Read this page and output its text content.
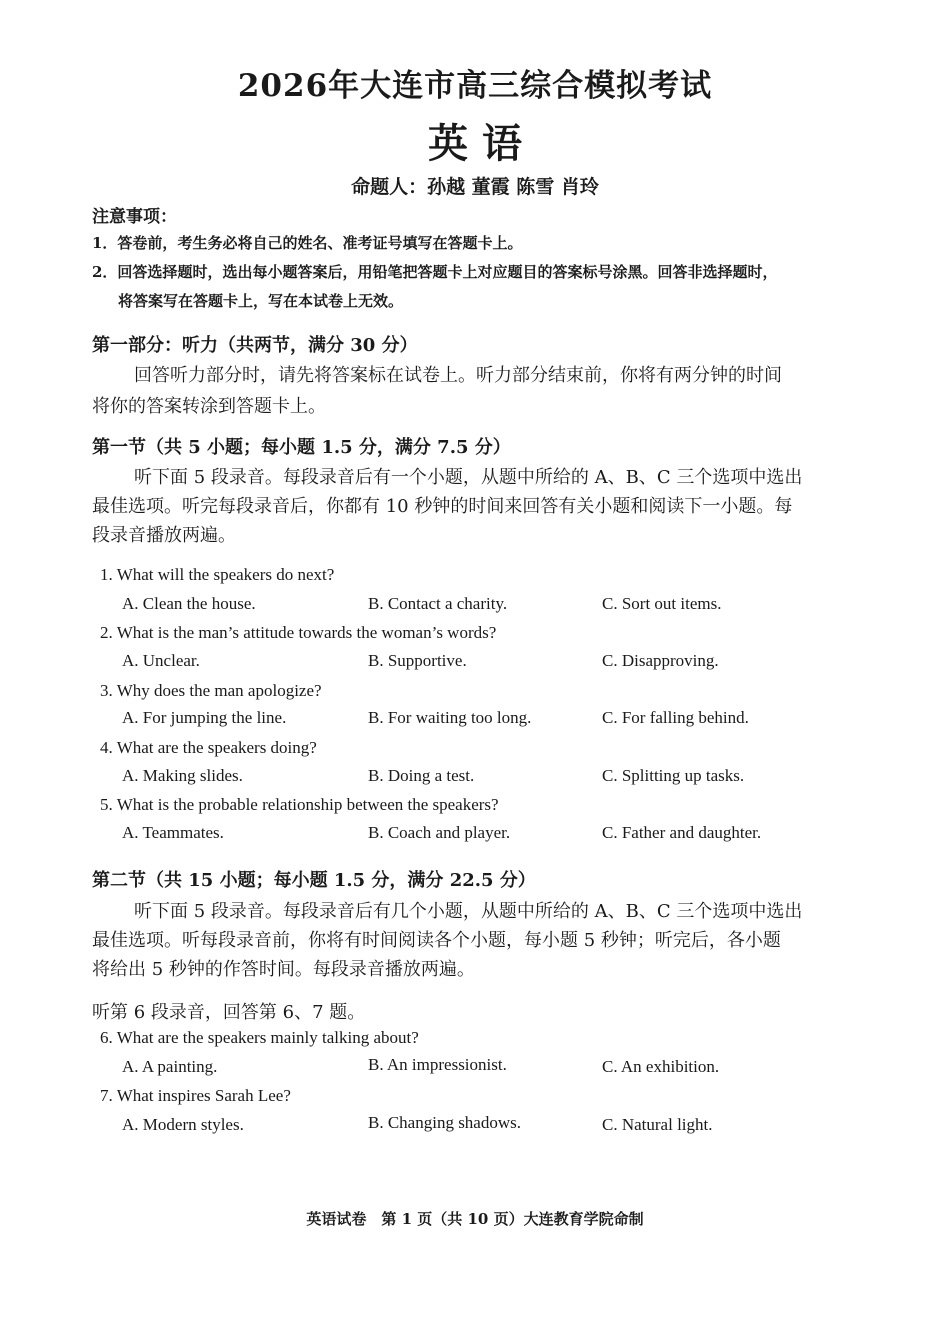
2026年大连市高三综合模拟考试
英 语
命题人：孙越 董霞 陈雪 肖玲
注意事项：
1．答卷前，考生务必将自己的姓名、准考证号填写在答题卡上。
2．回答选择题时，选出每小题答案后，用铅笔把答题卡上对应题目的答案标号涂黑。回答非选择题时，
将答案写在答题卡上，写在本试卷上无效。
第一部分：听力（共两节，满分 30 分）
回答听力部分时，请先将答案标在试卷上。听力部分结束前，你将有两分钟的时间
将你的答案转涂到答题卡上。
第一节（共 5 小题；每小题 1.5 分，满分 7.5 分）
听下面 5 段录音。每段录音后有一个小题，从题中所给的 A、B、C 三个选项中选出
最佳选项。听完每段录音后，你都有 10 秒钟的时间来回答有关小题和阅读下一小题。每
段录音播放两遍。
1. What will the speakers do next?
A. Clean the house.	B. Contact a charity.	C. Sort out items.
2. What is the man’s attitude towards the woman’s words?
A. Unclear.	B. Supportive.	C. Disapproving.
3. Why does the man apologize?
A. For jumping the line.	B. For waiting too long.	C. For falling behind.
4. What are the speakers doing?
A. Making slides.	B. Doing a test.	C. Splitting up tasks.
5. What is the probable relationship between the speakers?
A. Teammates.	B. Coach and player.	C. Father and daughter.
第二节（共 15 小题；每小题 1.5 分，满分 22.5 分）
听下面 5 段录音。每段录音后有几个小题，从题中所给的 A、B、C 三个选项中选出
最佳选项。听每段录音前，你将有时间阅读各个小题，每小题 5 秒钟；听完后，各小题
将给出 5 秒钟的作答时间。每段录音播放两遍。
听第 6 段录音，回答第 6、7 题。
6. What are the speakers mainly talking about?
A. A painting.	B. An impressionist.	C. An exhibition.
7. What inspires Sarah Lee?
A. Modern styles.	B. Changing shadows.	C. Natural light.
英语试卷　第 1 页（共 10 页）大连教育学院命制
